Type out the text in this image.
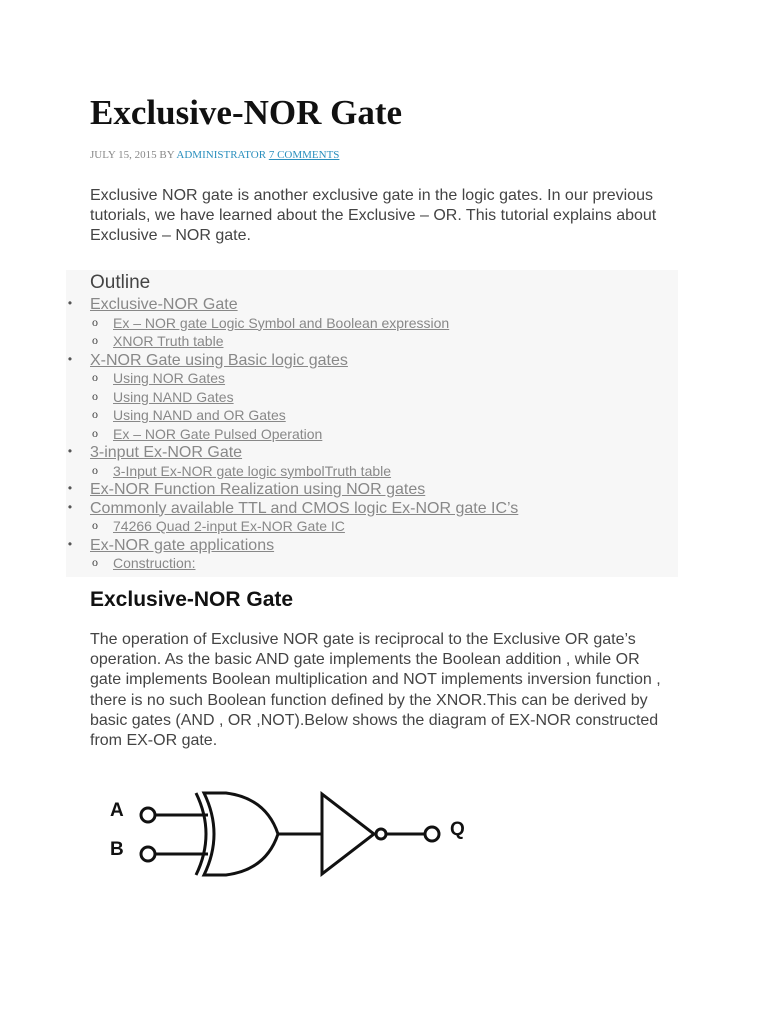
Exclusive-NOR Gate
JULY 15, 2015 BY ADMINISTRATOR 7 COMMENTS

Exclusive NOR gate is another exclusive gate in the logic gates. In our previous tutorials, we have learned about the Exclusive – OR. This tutorial explains about Exclusive – NOR gate.

Outline
• Exclusive-NOR Gate
o Ex – NOR gate Logic Symbol and Boolean expression
o XNOR Truth table
• X-NOR Gate using Basic logic gates
o Using NOR Gates
o Using NAND Gates
o Using NAND and OR Gates
o Ex – NOR Gate Pulsed Operation
• 3-input Ex-NOR Gate
o 3-Input Ex-NOR gate logic symbolTruth table
• Ex-NOR Function Realization using NOR gates
• Commonly available TTL and CMOS logic Ex-NOR gate IC’s
o 74266 Quad 2-input Ex-NOR Gate IC
• Ex-NOR gate applications
o Construction:
Exclusive-NOR Gate

The operation of Exclusive NOR gate is reciprocal to the Exclusive OR gate’s operation. As the basic AND gate implements the Boolean addition , while OR gate implements Boolean multiplication and NOT implements inversion function , there is no such Boolean function defined by the XNOR.This can be derived by basic gates (AND , OR ,NOT).Below shows the diagram of EX-NOR constructed from EX-OR gate.

A
B
Q
